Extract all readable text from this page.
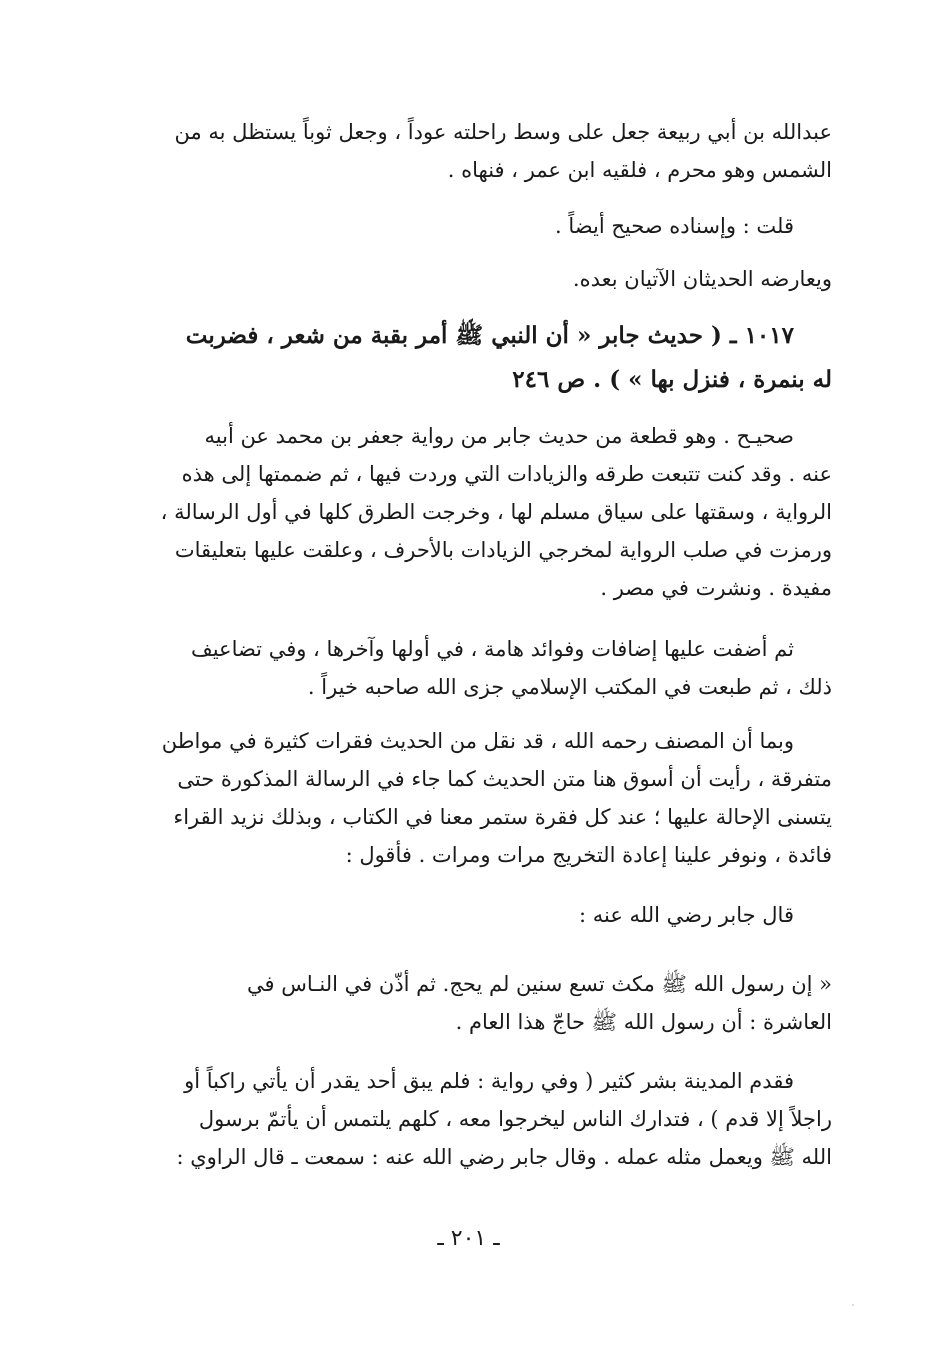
عبدالله بن أبي ربيعة جعل على وسط راحلته عوداً ، وجعل ثوباً يستظل به من
الشمس وهو محرم ، فلقيه ابن عمر ، فنهاه .
قلت : وإسناده صحيح أيضاً .
ويعارضه الحديثان الآتيان بعده.
١٠١٧ ـ ( حديث جابر « أن النبي ﷺ أمر بقبة من شعر ، فضربت
له بنمرة ، فنزل بها » ) . ص ٢٤٦
صحيـح . وهو قطعة من حديث جابر من رواية جعفر بن محمد عن أبيه
عنه . وقد كنت تتبعت طرقه والزيادات التي وردت فيها ، ثم ضممتها إلى هذه
الرواية ، وسقتها على سياق مسلم لها ، وخرجت الطرق كلها في أول الرسالة ،
ورمزت في صلب الرواية لمخرجي الزيادات بالأحرف ، وعلقت عليها بتعليقات
مفيدة . ونشرت في مصر .
ثم أضفت عليها إضافات وفوائد هامة ، في أولها وآخرها ، وفي تضاعيف
ذلك ، ثم طبعت في المكتب الإسلامي جزى الله صاحبه خيراً .
وبما أن المصنف رحمه الله ، قد نقل من الحديث فقرات كثيرة في مواطن
متفرقة ، رأيت أن أسوق هنا متن الحديث كما جاء في الرسالة المذكورة حتى
يتسنى الإحالة عليها ؛ عند كل فقرة ستمر معنا في الكتاب ، وبذلك نزيد القراء
فائدة ، ونوفر علينا إعادة التخريج مرات ومرات . فأقول :
قال جابر رضي الله عنه :
« إن رسول الله ﷺ مكث تسع سنين لم يحج. ثم أذّن في النـاس في
العاشرة : أن رسول الله ﷺ حاجّ هذا العام .
فقدم المدينة بشر كثير ( وفي رواية : فلم يبق أحد يقدر أن يأتي راكباً أو
راجلاً إلا قدم ) ، فتدارك الناس ليخرجوا معه ، كلهم يلتمس أن يأتمّ برسول
الله ﷺ ويعمل مثله عمله . وقال جابر رضي الله عنه : سمعت ـ قال الراوي :
ـ ٢٠١ ـ
